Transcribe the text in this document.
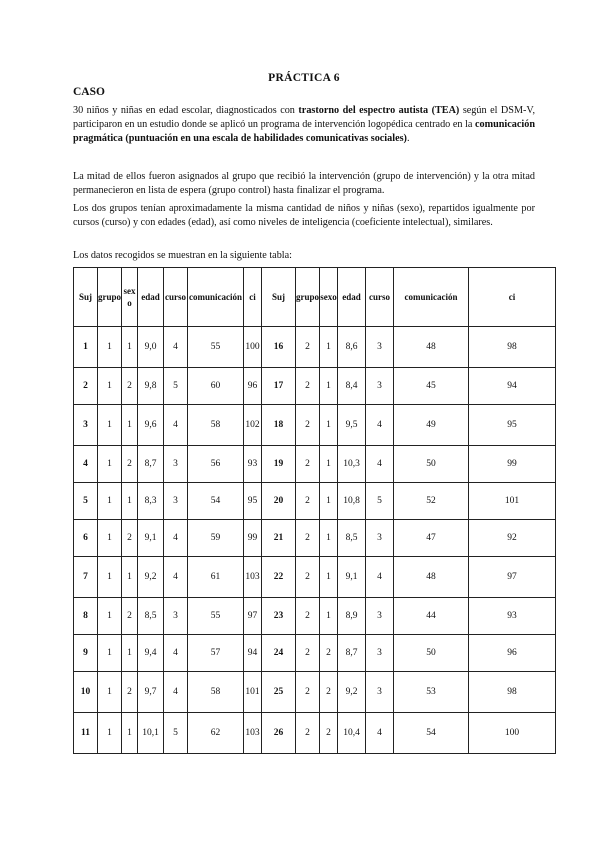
PRÁCTICA 6
CASO
30 niños y niñas en edad escolar, diagnosticados con trastorno del espectro autista (TEA) según el DSM-V, participaron en un estudio donde se aplicó un programa de intervención logopédica centrado en la comunicación pragmática (puntuación en una escala de habilidades comunicativas sociales).
La mitad de ellos fueron asignados al grupo que recibió la intervención (grupo de intervención) y la otra mitad permanecieron en lista de espera (grupo control) hasta finalizar el programa.
Los dos grupos tenían aproximadamente la misma cantidad de niños y niñas (sexo), repartidos igualmente por cursos (curso) y con edades (edad), así como niveles de inteligencia (coeficiente intelectual), similares.
Los datos recogidos se muestran en la siguiente tabla:
Suj	grupo	sexo	edad	curso	comunicación	ci	Suj	grupo	sexo	edad	curso	comunicación	ci
1	1	1	9,0	4	55	100	16	2	1	8,6	3	48	98
2	1	2	9,8	5	60	96	17	2	1	8,4	3	45	94
3	1	1	9,6	4	58	102	18	2	1	9,5	4	49	95
4	1	2	8,7	3	56	93	19	2	1	10,3	4	50	99
5	1	1	8,3	3	54	95	20	2	1	10,8	5	52	101
6	1	2	9,1	4	59	99	21	2	1	8,5	3	47	92
7	1	1	9,2	4	61	103	22	2	1	9,1	4	48	97
8	1	2	8,5	3	55	97	23	2	1	8,9	3	44	93
9	1	1	9,4	4	57	94	24	2	2	8,7	3	50	96
10	1	2	9,7	4	58	101	25	2	2	9,2	3	53	98
11	1	1	10,1	5	62	103	26	2	2	10,4	4	54	100
